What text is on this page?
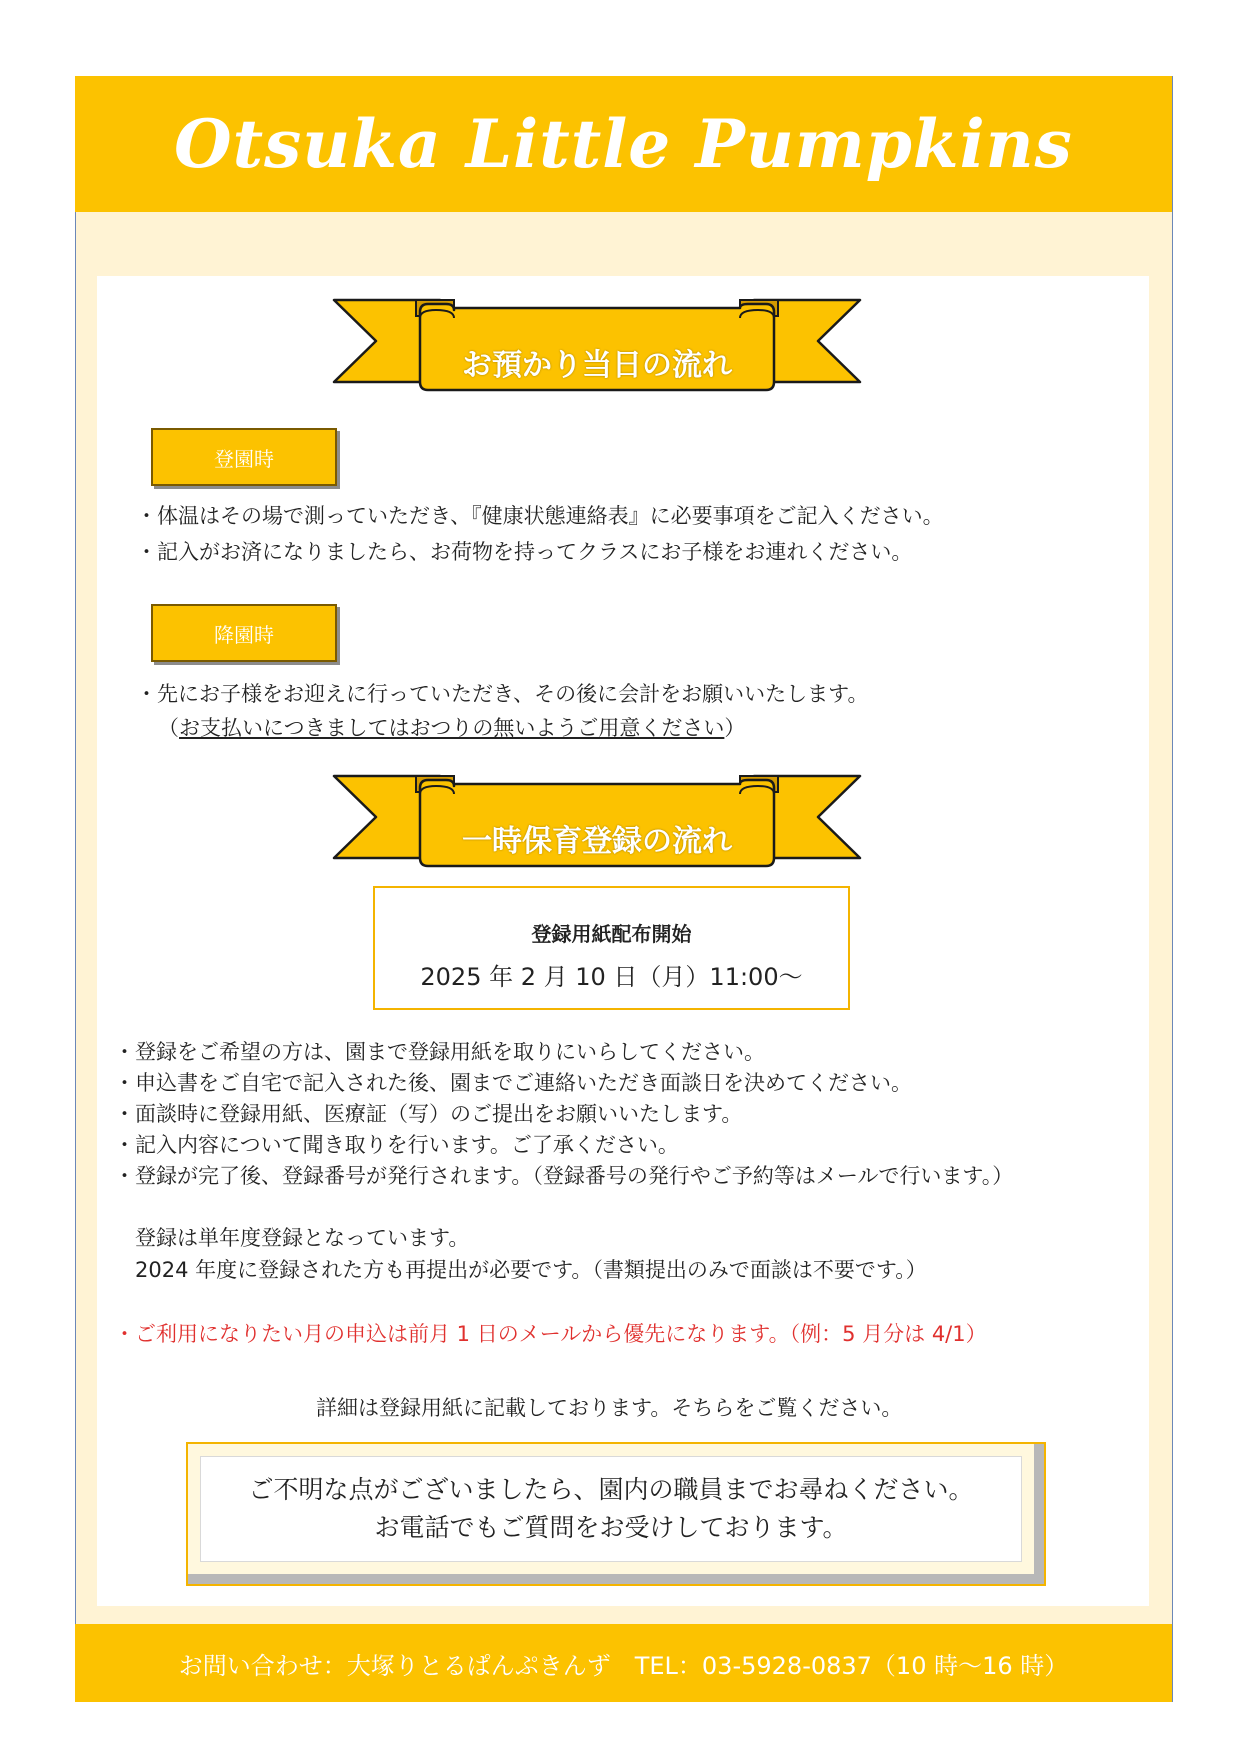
Otsuka Little Pumpkins
お預かり当日の流れ
登園時
・体温はその場で測っていただき、『健康状態連絡表』に必要事項をご記入ください。
・記入がお済になりましたら、お荷物を持ってクラスにお子様をお連れください。
降園時
・先にお子様をお迎えに行っていただき、その後に会計をお願いいたします。
（お支払いにつきましてはおつりの無いようご用意ください）
一時保育登録の流れ
登録用紙配布開始
2025 年 2 月 10 日（月）11:00～
・登録をご希望の方は、園まで登録用紙を取りにいらしてください。
・申込書をご自宅で記入された後、園までご連絡いただき面談日を決めてください。
・面談時に登録用紙、医療証（写）のご提出をお願いいたします。
・記入内容について聞き取りを行います。ご了承ください。
・登録が完了後、登録番号が発行されます。（登録番号の発行やご予約等はメールで行います。）
登録は単年度登録となっています。
2024 年度に登録された方も再提出が必要です。（書類提出のみで面談は不要です。）
・ご利用になりたい月の申込は前月 1 日のメールから優先になります。（例：5 月分は 4/1）
詳細は登録用紙に記載しております。そちらをご覧ください。
ご不明な点がございましたら、園内の職員までお尋ねください。
お電話でもご質問をお受けしております。
お問い合わせ：大塚りとるぱんぷきんず　TEL：03-5928-0837（10 時～16 時）
